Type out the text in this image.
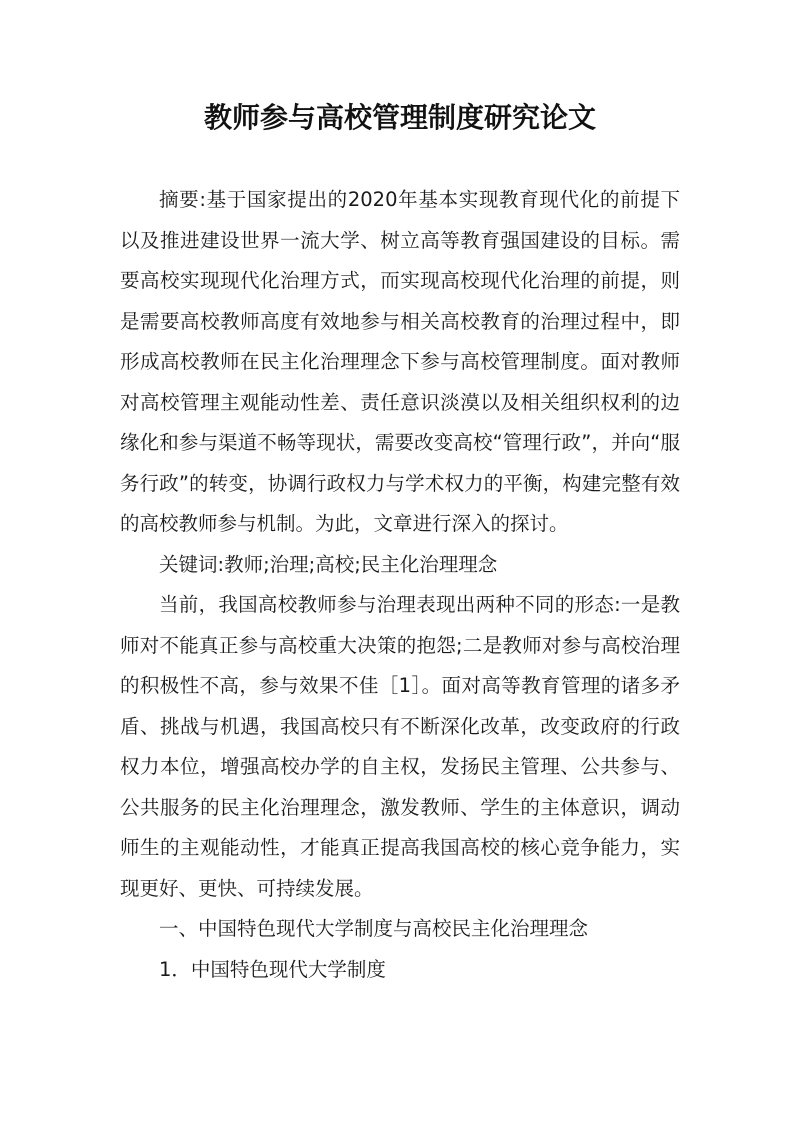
教师参与高校管理制度研究论文

摘要:基于国家提出的2020年基本实现教育现代化的前提下以及推进建设世界一流大学、树立高等教育强国建设的目标。需要高校实现现代化治理方式，而实现高校现代化治理的前提，则是需要高校教师高度有效地参与相关高校教育的治理过程中，即形成高校教师在民主化治理理念下参与高校管理制度。面对教师对高校管理主观能动性差、责任意识淡漠以及相关组织权利的边缘化和参与渠道不畅等现状，需要改变高校“管理行政”，并向“服务行政”的转变，协调行政权力与学术权力的平衡，构建完整有效的高校教师参与机制。为此，文章进行深入的探讨。

关键词:教师;治理;高校;民主化治理理念

当前，我国高校教师参与治理表现出两种不同的形态:一是教师对不能真正参与高校重大决策的抱怨;二是教师对参与高校治理的积极性不高，参与效果不佳［1］。面对高等教育管理的诸多矛盾、挑战与机遇，我国高校只有不断深化改革，改变政府的行政权力本位，增强高校办学的自主权，发扬民主管理、公共参与、公共服务的民主化治理理念，激发教师、学生的主体意识，调动师生的主观能动性，才能真正提高我国高校的核心竞争能力，实现更好、更快、可持续发展。

一、中国特色现代大学制度与高校民主化治理理念

1．中国特色现代大学制度
